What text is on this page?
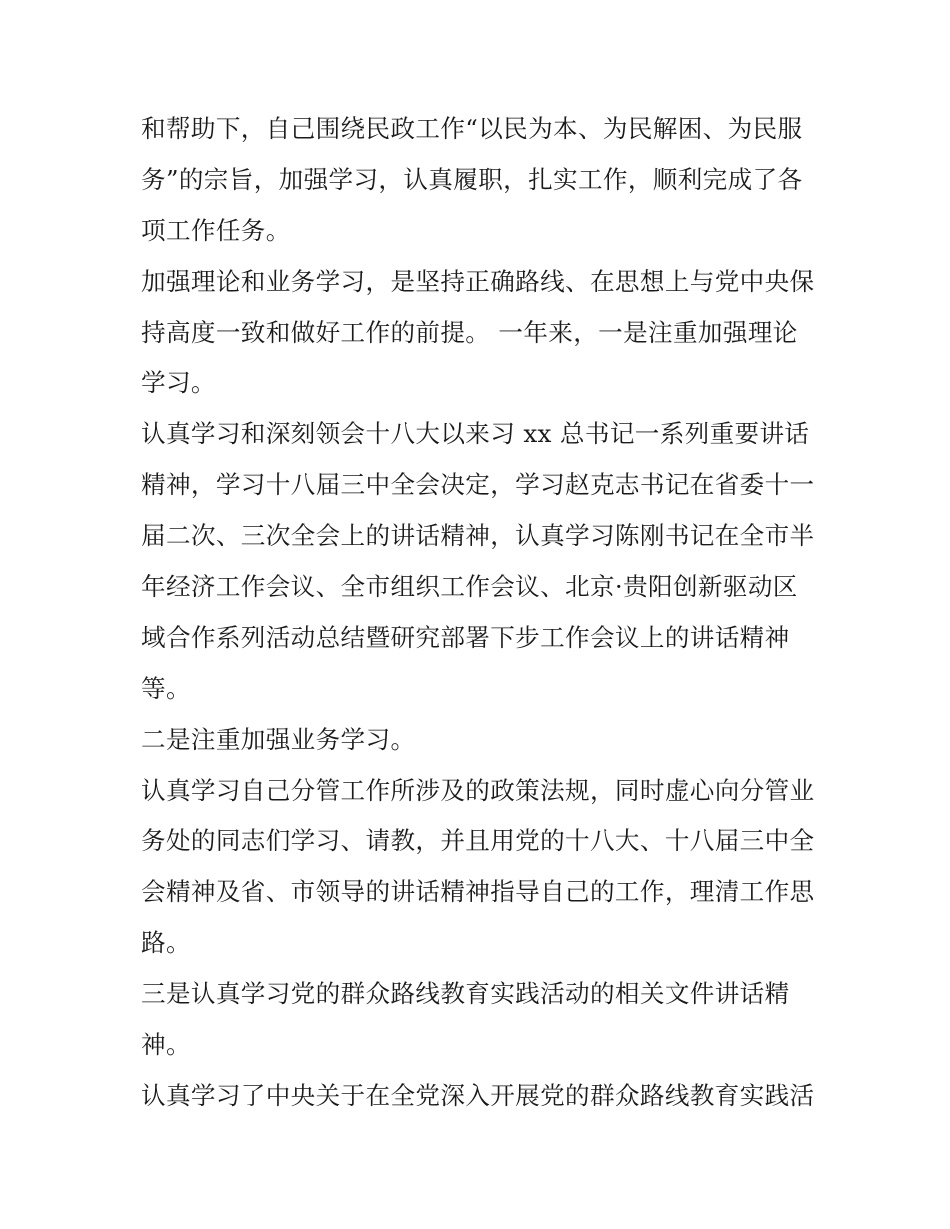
和帮助下，自己围绕民政工作“以民为本、为民解困、为民服
务”的宗旨，加强学习，认真履职，扎实工作，顺利完成了各
项工作任务。
加强理论和业务学习，是坚持正确路线、在思想上与党中央保
持高度一致和做好工作的前提。 一年来，一是注重加强理论
学习。
认真学习和深刻领会十八大以来习 xx 总书记一系列重要讲话
精神，学习十八届三中全会决定，学习赵克志书记在省委十一
届二次、三次全会上的讲话精神，认真学习陈刚书记在全市半
年经济工作会议、全市组织工作会议、北京·贵阳创新驱动区
域合作系列活动总结暨研究部署下步工作会议上的讲话精神
等。
二是注重加强业务学习。
认真学习自己分管工作所涉及的政策法规，同时虚心向分管业
务处的同志们学习、请教，并且用党的十八大、十八届三中全
会精神及省、市领导的讲话精神指导自己的工作，理清工作思
路。
三是认真学习党的群众路线教育实践活动的相关文件讲话精
神。
认真学习了中央关于在全党深入开展党的群众路线教育实践活
